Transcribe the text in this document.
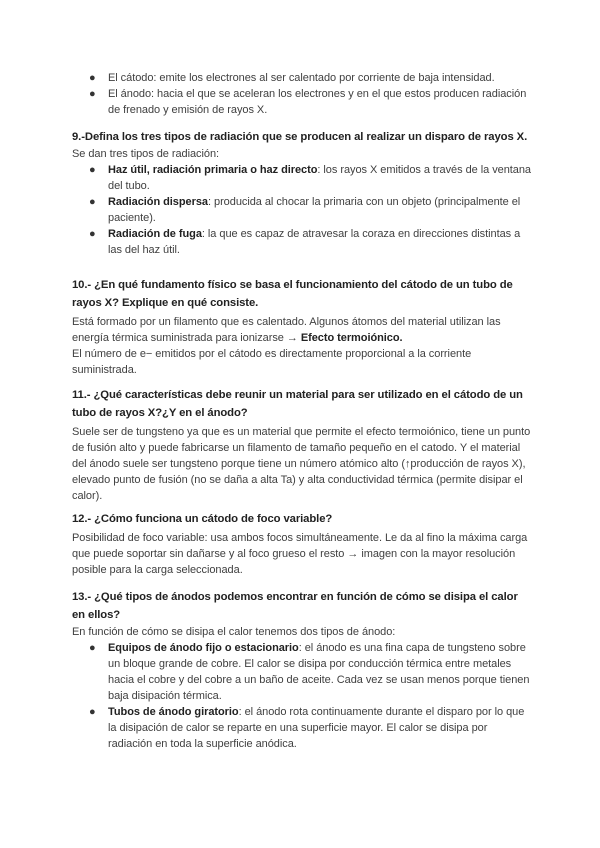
● El cátodo: emite los electrones al ser calentado por corriente de baja intensidad.
● El ánodo: hacia el que se aceleran los electrones y en el que estos producen radiación de frenado y emisión de rayos X.

9.-Defina los tres tipos de radiación que se producen al realizar un disparo de rayos X.

Se dan tres tipos de radiación:

● Haz útil, radiación primaria o haz directo: los rayos X emitidos a través de la ventana del tubo.
● Radiación dispersa: producida al chocar la primaria con un objeto (principalmente el paciente).
● Radiación de fuga: la que es capaz de atravesar la coraza en direcciones distintas a las del haz útil.

10.- ¿En qué fundamento físico se basa el funcionamiento del cátodo de un tubo de rayos X? Explique en qué consiste.

Está formado por un filamento que es calentado. Algunos átomos del material utilizan las energía térmica suministrada para ionizarse → Efecto termoiónico.

El número de e− emitidos por el cátodo es directamente proporcional a la corriente suministrada.

11.- ¿Qué características debe reunir un material para ser utilizado en el cátodo de un tubo de rayos X?¿Y en el ánodo?

Suele ser de tungsteno ya que es un material que permite el efecto termoiónico, tiene un punto de fusión alto y puede fabricarse un filamento de tamaño pequeño en el catodo. Y el material del ánodo suele ser tungsteno porque tiene un número atómico alto (↑producción de rayos X), elevado punto de fusión (no se daña a alta Ta) y alta conductividad térmica (permite disipar el calor).

12.- ¿Cómo funciona un cátodo de foco variable?

Posibilidad de foco variable: usa ambos focos simultáneamente. Le da al fino la máxima carga que puede soportar sin dañarse y al foco grueso el resto → imagen con la mayor resolución posible para la carga seleccionada.

13.- ¿Qué tipos de ánodos podemos encontrar en función de cómo se disipa el calor en ellos?

En función de cómo se disipa el calor tenemos dos tipos de ánodo:

● Equipos de ánodo fijo o estacionario: el ánodo es una fina capa de tungsteno sobre un bloque grande de cobre. El calor se disipa por conducción térmica entre metales hacia el cobre y del cobre a un baño de aceite. Cada vez se usan menos porque tienen baja disipación térmica.
● Tubos de ánodo giratorio: el ánodo rota continuamente durante el disparo por lo que la disipación de calor se reparte en una superficie mayor. El calor se disipa por radiación en toda la superficie anódica.
